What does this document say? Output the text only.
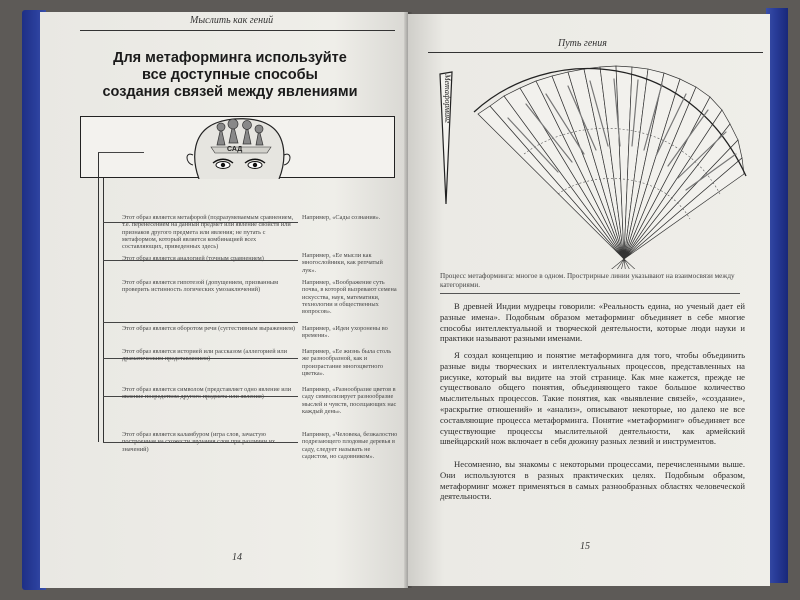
Мыслить как гений
Для метаформинга используйте
все доступные способы
создания связей между явлениями
САД
Этот образ является метафорой (подразумеваемым сравнением, т.е. перенесением на данный предмет или явление свойств или признаков другого предмета или явления; не путать с метаформом, который является комбинацией всех составляющих, приведенных здесь)
Например, «Сады сознания».
Этот образ является аналогией (точным сравнением)	Например, «Ее мысли как многослойники, как репчатый лук».
Этот образ является гипотезой (допущением, призванным проверить истинность логических умозаключений)
Например, «Воображение суть почва, в которой вызревают семена искусства, наук, математики, технологии и общественных вопросов».
Этот образ является оборотом речи (суггестивным выражением)	Например, «Идеи ухоронены во времени».
Этот образ является историей или рассказом (аллегорией или драматическим представлением)
Например, «Ее жизнь была столь же разнообразной, как и произрастание многоцветного цветка».
Этот образ является символом (представляет одно явление или явление посредством другого предмета или явления)
Например, «Разнообразие цветов в саду символизирует разнообразие мыслей и чувств, посещающих нас каждый день».
Этот образ является каламбуром (игра слов, зачастую построенная на схожести звучания слов при различии их значений)
Например, «Человека, безжалостно подрезающего плодовые деревья в саду, следует называть не садистом, но садовником».
14
Путь гения
Метаформинг
Процесс метаформинга: многое в одном. Прострирные линии указывают на взаимосвязи между категориями.
В древней Индии мудрецы говорили: «Реальность едина, но ученый дает ей разные имена». Подобным образом метаформинг объединяет в себе многие способы интеллектуальной и творческой деятельности, которые люди науки и практики называют разными именами.
Я создал концепцию и понятие метаформинга для того, чтобы объединить разные виды творческих и интеллектуальных процессов, представленных на рисунке, который вы видите на этой странице. Как мне кажется, прежде не существовало общего понятия, объединяющего такое большое количество мыслительных процессов. Такие понятия, как «выявление связей», «создание», «раскрытие отношений» и «анализ», описывают некоторые, но далеко не все составляющие процесса метаформинга. Понятие «метаформинг» объединяет все существующие процессы мыслительной деятельности, как армейский швейцарский нож включает в себя дюжину разных лезвий и инструментов.
Несомненно, вы знакомы с некоторыми процессами, перечисленными выше. Они используются в разных практических целях. Подобным образом, метаформинг может применяться в самых разнообразных областях человеческой деятельности.
15
